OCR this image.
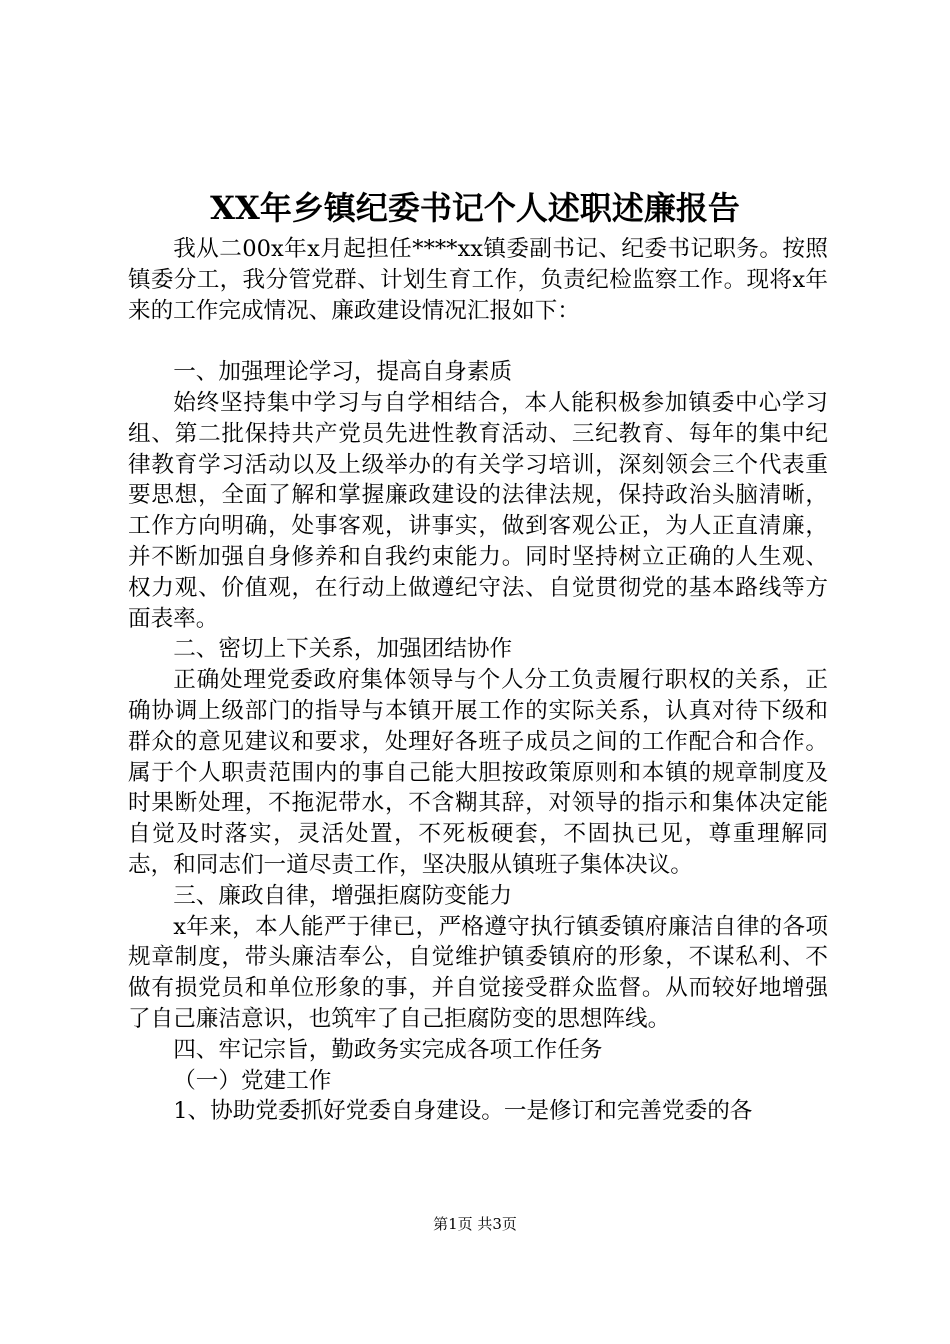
XX年乡镇纪委书记个人述职述廉报告

我从二00x年x月起担任****xx镇委副书记、纪委书记职务。按照镇委分工，我分管党群、计划生育工作，负责纪检监察工作。现将x年来的工作完成情况、廉政建设情况汇报如下：

一、加强理论学习，提高自身素质

始终坚持集中学习与自学相结合，本人能积极参加镇委中心学习组、第二批保持共产党员先进性教育活动、三纪教育、每年的集中纪律教育学习活动以及上级举办的有关学习培训，深刻领会三个代表重要思想，全面了解和掌握廉政建设的法律法规，保持政治头脑清晰，工作方向明确，处事客观，讲事实，做到客观公正，为人正直清廉，并不断加强自身修养和自我约束能力。同时坚持树立正确的人生观、权力观、价值观，在行动上做遵纪守法、自觉贯彻党的基本路线等方面表率。

二、密切上下关系，加强团结协作

正确处理党委政府集体领导与个人分工负责履行职权的关系，正确协调上级部门的指导与本镇开展工作的实际关系，认真对待下级和群众的意见建议和要求，处理好各班子成员之间的工作配合和合作。属于个人职责范围内的事自己能大胆按政策原则和本镇的规章制度及时果断处理，不拖泥带水，不含糊其辞，对领导的指示和集体决定能自觉及时落实，灵活处置，不死板硬套，不固执已见，尊重理解同志，和同志们一道尽责工作，坚决服从镇班子集体决议。

三、廉政自律，增强拒腐防变能力

x年来，本人能严于律已，严格遵守执行镇委镇府廉洁自律的各项规章制度，带头廉洁奉公，自觉维护镇委镇府的形象，不谋私利、不做有损党员和单位形象的事，并自觉接受群众监督。从而较好地增强了自己廉洁意识，也筑牢了自己拒腐防变的思想阵线。

四、牢记宗旨，勤政务实完成各项工作任务

（一）党建工作

1、协助党委抓好党委自身建设。一是修订和完善党委的各

第1页 共3页
